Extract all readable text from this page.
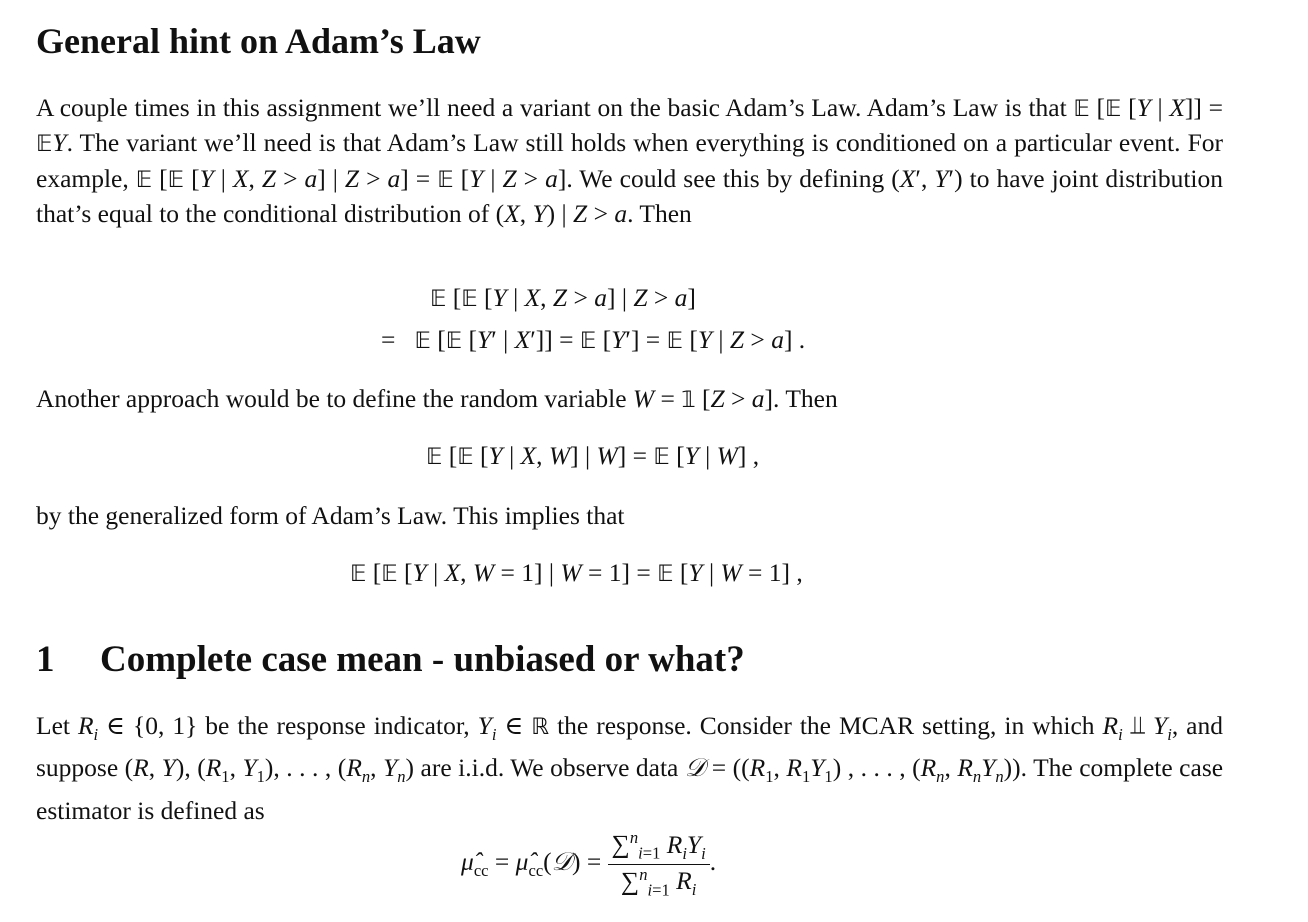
General hint on Adam’s Law

A couple times in this assignment we’ll need a variant on the basic Adam’s Law. Adam’s Law is that 𝔼 [𝔼 [Y | X]] = 𝔼Y. The variant we’ll need is that Adam’s Law still holds when everything is conditioned on a particular event. For example, 𝔼 [𝔼 [Y | X, Z > a] | Z > a] = 𝔼 [Y | Z > a]. We could see this by defining (X′, Y′) to have joint distribution that’s equal to the conditional distribution of (X, Y) | Z > a. Then

𝔼 [𝔼 [Y | X, Z > a] | Z > a]
=   𝔼 [𝔼 [Y′ | X′]] = 𝔼 [Y′] = 𝔼 [Y | Z > a] .

Another approach would be to define the random variable W = 𝟙 [Z > a]. Then

𝔼 [𝔼 [Y | X, W] | W] = 𝔼 [Y | W] ,

by the generalized form of Adam’s Law. This implies that

𝔼 [𝔼 [Y | X, W = 1] | W = 1] = 𝔼 [Y | W = 1] ,
1 Complete case mean - unbiased or what?

Let $R_i$ ∈ {0, 1} be the response indicator, $Y_i$ ∈ ℝ the response. Consider the MCAR setting, in which $R_i$ ⫫ $Y_i$, and suppose (R, Y), ($R_1$, $Y_1$), . . . , ($R_n$, $Y_n$) are i.i.d. We observe data 𝒟 = (($R_1$, $R_1Y_1$) , . . . , ($R_n$, $R_nY_n$)). The complete case estimator is defined as

$\mû_{cc}$ = $\mû_{cc}(𝒟) = \frac{\sum^n_{i=1} R_iY_i}{\sum^n_{i=1} R_i}$ .
